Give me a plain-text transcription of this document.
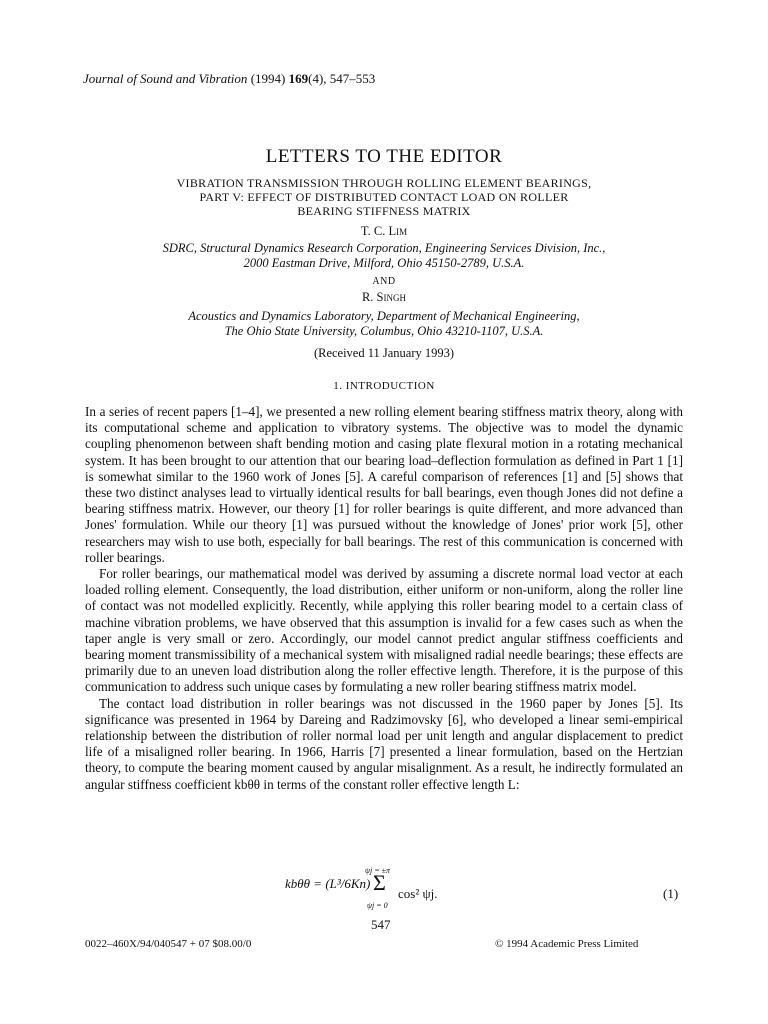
Journal of Sound and Vibration (1994) 169(4), 547–553
LETTERS TO THE EDITOR
VIBRATION TRANSMISSION THROUGH ROLLING ELEMENT BEARINGS,
PART V: EFFECT OF DISTRIBUTED CONTACT LOAD ON ROLLER
BEARING STIFFNESS MATRIX
T. C. Lim
SDRC, Structural Dynamics Research Corporation, Engineering Services Division, Inc.,
2000 Eastman Drive, Milford, Ohio 45150-2789, U.S.A.
AND
R. Singh
Acoustics and Dynamics Laboratory, Department of Mechanical Engineering,
The Ohio State University, Columbus, Ohio 43210-1107, U.S.A.
(Received 11 January 1993)
1. INTRODUCTION

In a series of recent papers [1–4], we presented a new rolling element bearing stiffness matrix theory, along with its computational scheme and application to vibratory systems. The objective was to model the dynamic coupling phenomenon between shaft bending motion and casing plate flexural motion in a rotating mechanical system. It has been brought to our attention that our bearing load–deflection formulation as defined in Part 1 [1] is somewhat similar to the 1960 work of Jones [5]. A careful comparison of references [1] and [5] shows that these two distinct analyses lead to virtually identical results for ball bearings, even though Jones did not define a bearing stiffness matrix. However, our theory [1] for roller bearings is quite different, and more advanced than Jones' formulation. While our theory [1] was pursued without the knowledge of Jones' prior work [5], other researchers may wish to use both, especially for ball bearings. The rest of this communication is concerned with roller bearings.

For roller bearings, our mathematical model was derived by assuming a discrete normal load vector at each loaded rolling element. Consequently, the load distribution, either uniform or non-uniform, along the roller line of contact was not modelled explicitly. Recently, while applying this roller bearing model to a certain class of machine vibration problems, we have observed that this assumption is invalid for a few cases such as when the taper angle is very small or zero. Accordingly, our model cannot predict angular stiffness coefficients and bearing moment transmissibility of a mechanical system with misaligned radial needle bearings; these effects are primarily due to an uneven load distribution along the roller effective length. Therefore, it is the purpose of this communication to address such unique cases by formulating a new roller bearing stiffness matrix model.

The contact load distribution in roller bearings was not discussed in the 1960 paper by Jones [5]. Its significance was presented in 1964 by Dareing and Radzimovsky [6], who developed a linear semi-empirical relationship between the distribution of roller normal load per unit length and angular displacement to predict life of a misaligned roller bearing. In 1966, Harris [7] presented a linear formulation, based on the Hertzian theory, to compute the bearing moment caused by angular misalignment. As a result, he indirectly formulated an angular stiffness coefficient kbθθ in terms of the constant roller effective length L:

kbθθ = (L³/6Kn)
ψj = ±π
Σ
ψj = 0
cos² ψj.	(1)
547
0022–460X/94/040547 + 07 $08.00/0	© 1994 Academic Press Limited
